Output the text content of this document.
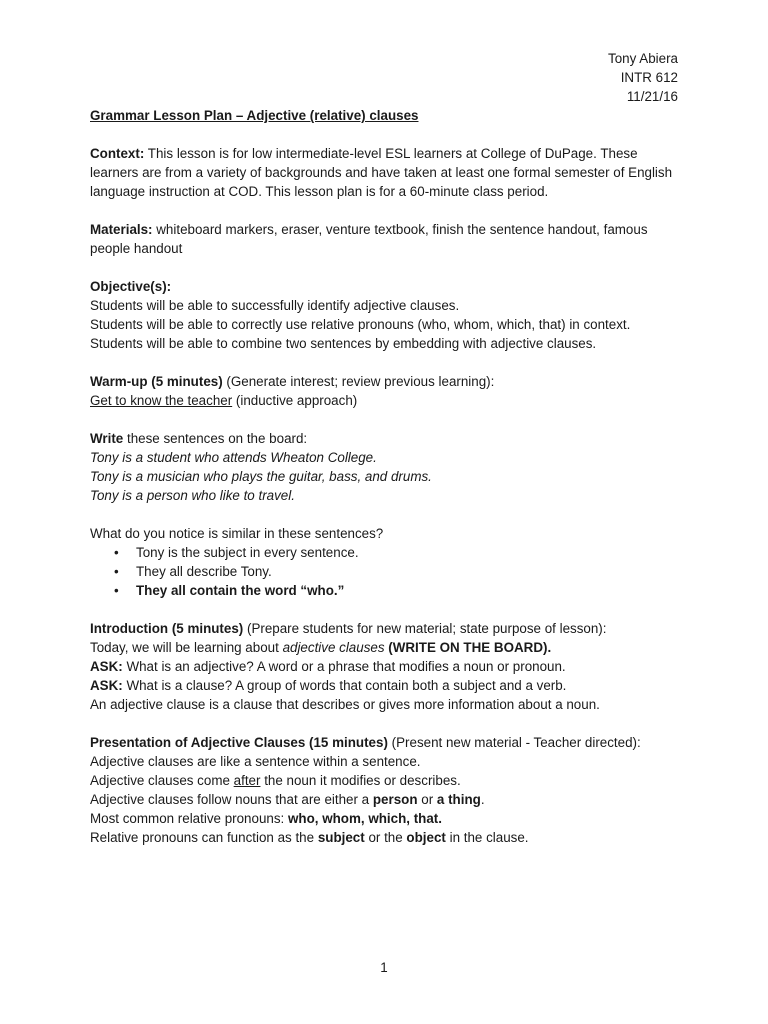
Tony Abiera
INTR 612
11/21/16
Grammar Lesson Plan – Adjective (relative) clauses
Context: This lesson is for low intermediate-level ESL learners at College of DuPage. These learners are from a variety of backgrounds and have taken at least one formal semester of English language instruction at COD. This lesson plan is for a 60-minute class period.
Materials: whiteboard markers, eraser, venture textbook, finish the sentence handout, famous people handout
Objective(s):
Students will be able to successfully identify adjective clauses.
Students will be able to correctly use relative pronouns (who, whom, which, that) in context.
Students will be able to combine two sentences by embedding with adjective clauses.
Warm-up (5 minutes) (Generate interest; review previous learning):
Get to know the teacher (inductive approach)
Write these sentences on the board:
Tony is a student who attends Wheaton College.
Tony is a musician who plays the guitar, bass, and drums.
Tony is a person who like to travel.
What do you notice is similar in these sentences?
• Tony is the subject in every sentence.
• They all describe Tony.
• They all contain the word “who.”
Introduction (5 minutes) (Prepare students for new material; state purpose of lesson):
Today, we will be learning about adjective clauses (WRITE ON THE BOARD).
ASK: What is an adjective? A word or a phrase that modifies a noun or pronoun.
ASK: What is a clause? A group of words that contain both a subject and a verb.
An adjective clause is a clause that describes or gives more information about a noun.
Presentation of Adjective Clauses (15 minutes) (Present new material - Teacher directed):
Adjective clauses are like a sentence within a sentence.
Adjective clauses come after the noun it modifies or describes.
Adjective clauses follow nouns that are either a person or a thing.
Most common relative pronouns: who, whom, which, that.
Relative pronouns can function as the subject or the object in the clause.
1
